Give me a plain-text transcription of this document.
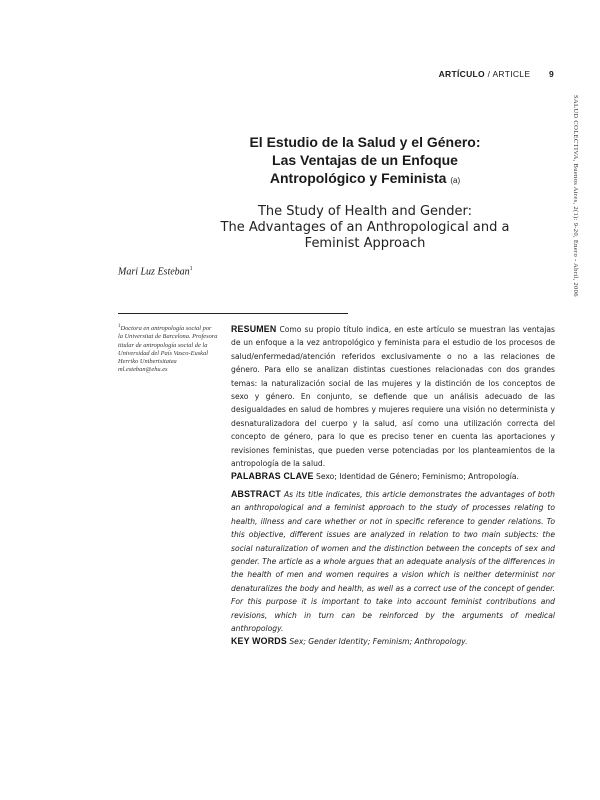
ARTÍCULO / ARTICLE 9
SALUD COLECTIVA, Buenos Aires, 2(1): 9-20, Enero - Abril, 2006
El Estudio de la Salud y el Género:
Las Ventajas de un Enfoque
Antropológico y Feminista (a)
The Study of Health and Gender:
The Advantages of an Anthropological and a
Feminist Approach
Mari Luz Esteban$^1$
$^1$Doctora en antropología social por la Universitat de Barcelona. Profesora titular de antropología social de la Universidad del País Vasco-Euskal Herriko Unibertsitatea ml.esteban@ehu.es
RESUMEN Como su propio título indica, en este artículo se muestran las ventajas de un enfoque a la vez antropológico y feminista para el estudio de los procesos de salud/enfermedad/atención referidos exclusivamente o no a las relaciones de género. Para ello se analizan distintas cuestiones relacionadas con dos grandes temas: la naturalización social de las mujeres y la distinción de los conceptos de sexo y género. En conjunto, se defiende que un análisis adecuado de las desigualdades en salud de hombres y mujeres requiere una visión no determinista y desnaturalizadora del cuerpo y la salud, así como una utilización correcta del concepto de género, para lo que es preciso tener en cuenta las aportaciones y revisiones feministas, que pueden verse potenciadas por los planteamientos de la antropología de la salud.
PALABRAS CLAVE Sexo; Identidad de Género; Feminismo; Antropología.
ABSTRACT As its title indicates, this article demonstrates the advantages of both an anthropological and a feminist approach to the study of processes relating to health, illness and care whether or not in specific reference to gender relations. To this objective, different issues are analyzed in relation to two main subjects: the social naturalization of women and the distinction between the concepts of sex and gender. The article as a whole argues that an adequate analysis of the differences in the health of men and women requires a vision which is neither determinist nor denaturalizes the body and health, as well as a correct use of the concept of gender. For this purpose it is important to take into account feminist contributions and revisions, which in turn can be reinforced by the arguments of medical anthropology.
KEY WORDS Sex; Gender Identity; Feminism; Anthropology.
